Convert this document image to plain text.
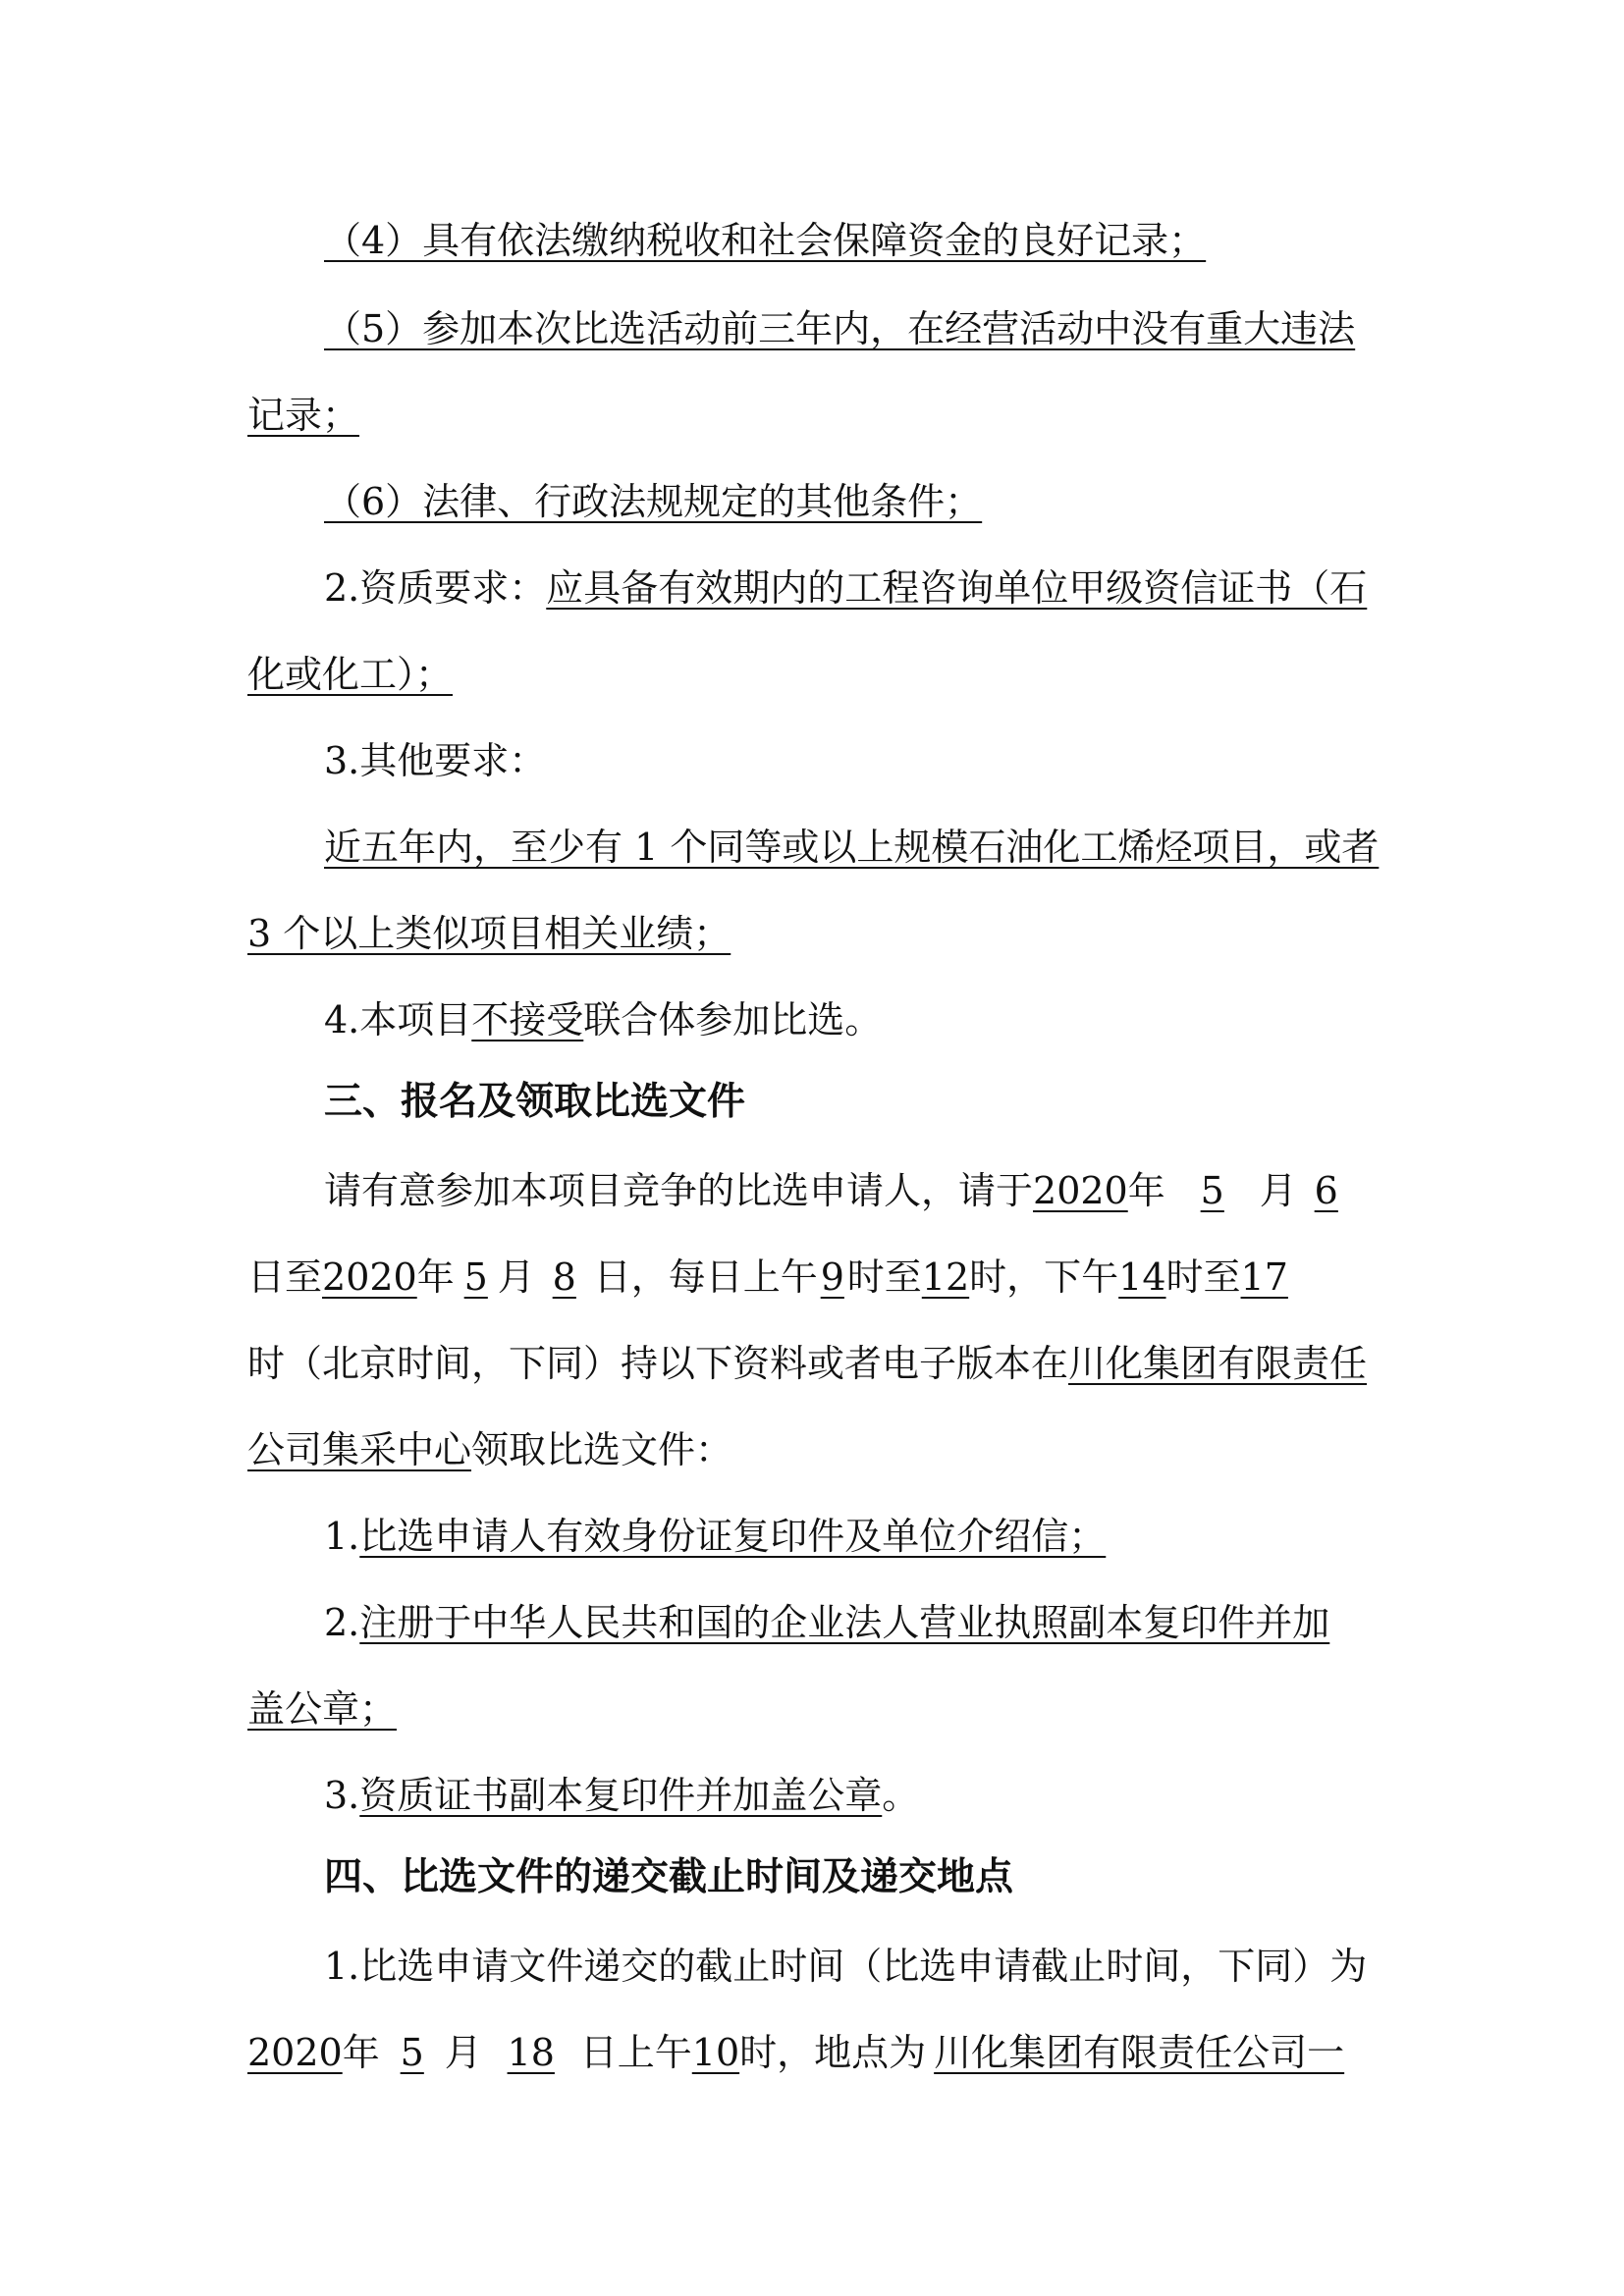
（4）具有依法缴纳税收和社会保障资金的良好记录；
（5）参加本次比选活动前三年内，在经营活动中没有重大违法
记录；
（6）法律、行政法规规定的其他条件；
2.资质要求：应具备有效期内的工程咨询单位甲级资信证书（石
化或化工）；
3.其他要求：
近五年内，至少有 1 个同等或以上规模石油化工烯烃项目，或者
3 个以上类似项目相关业绩；
4.本项目不接受联合体参加比选。
三、报名及领取比选文件
请有意参加本项目竞争的比选申请人，请于2020年 5 月 6
日至2020年 5 月 8 日，每日上午9时至12时，下午14时至17
时（北京时间，下同）持以下资料或者电子版本在川化集团有限责任
公司集采中心领取比选文件：
1.比选申请人有效身份证复印件及单位介绍信；
2.注册于中华人民共和国的企业法人营业执照副本复印件并加
盖公章；
3.资质证书副本复印件并加盖公章。
四、比选文件的递交截止时间及递交地点
1.比选申请文件递交的截止时间（比选申请截止时间，下同）为
2020年 5 月 18 日上午10时，地点为 川化集团有限责任公司一
